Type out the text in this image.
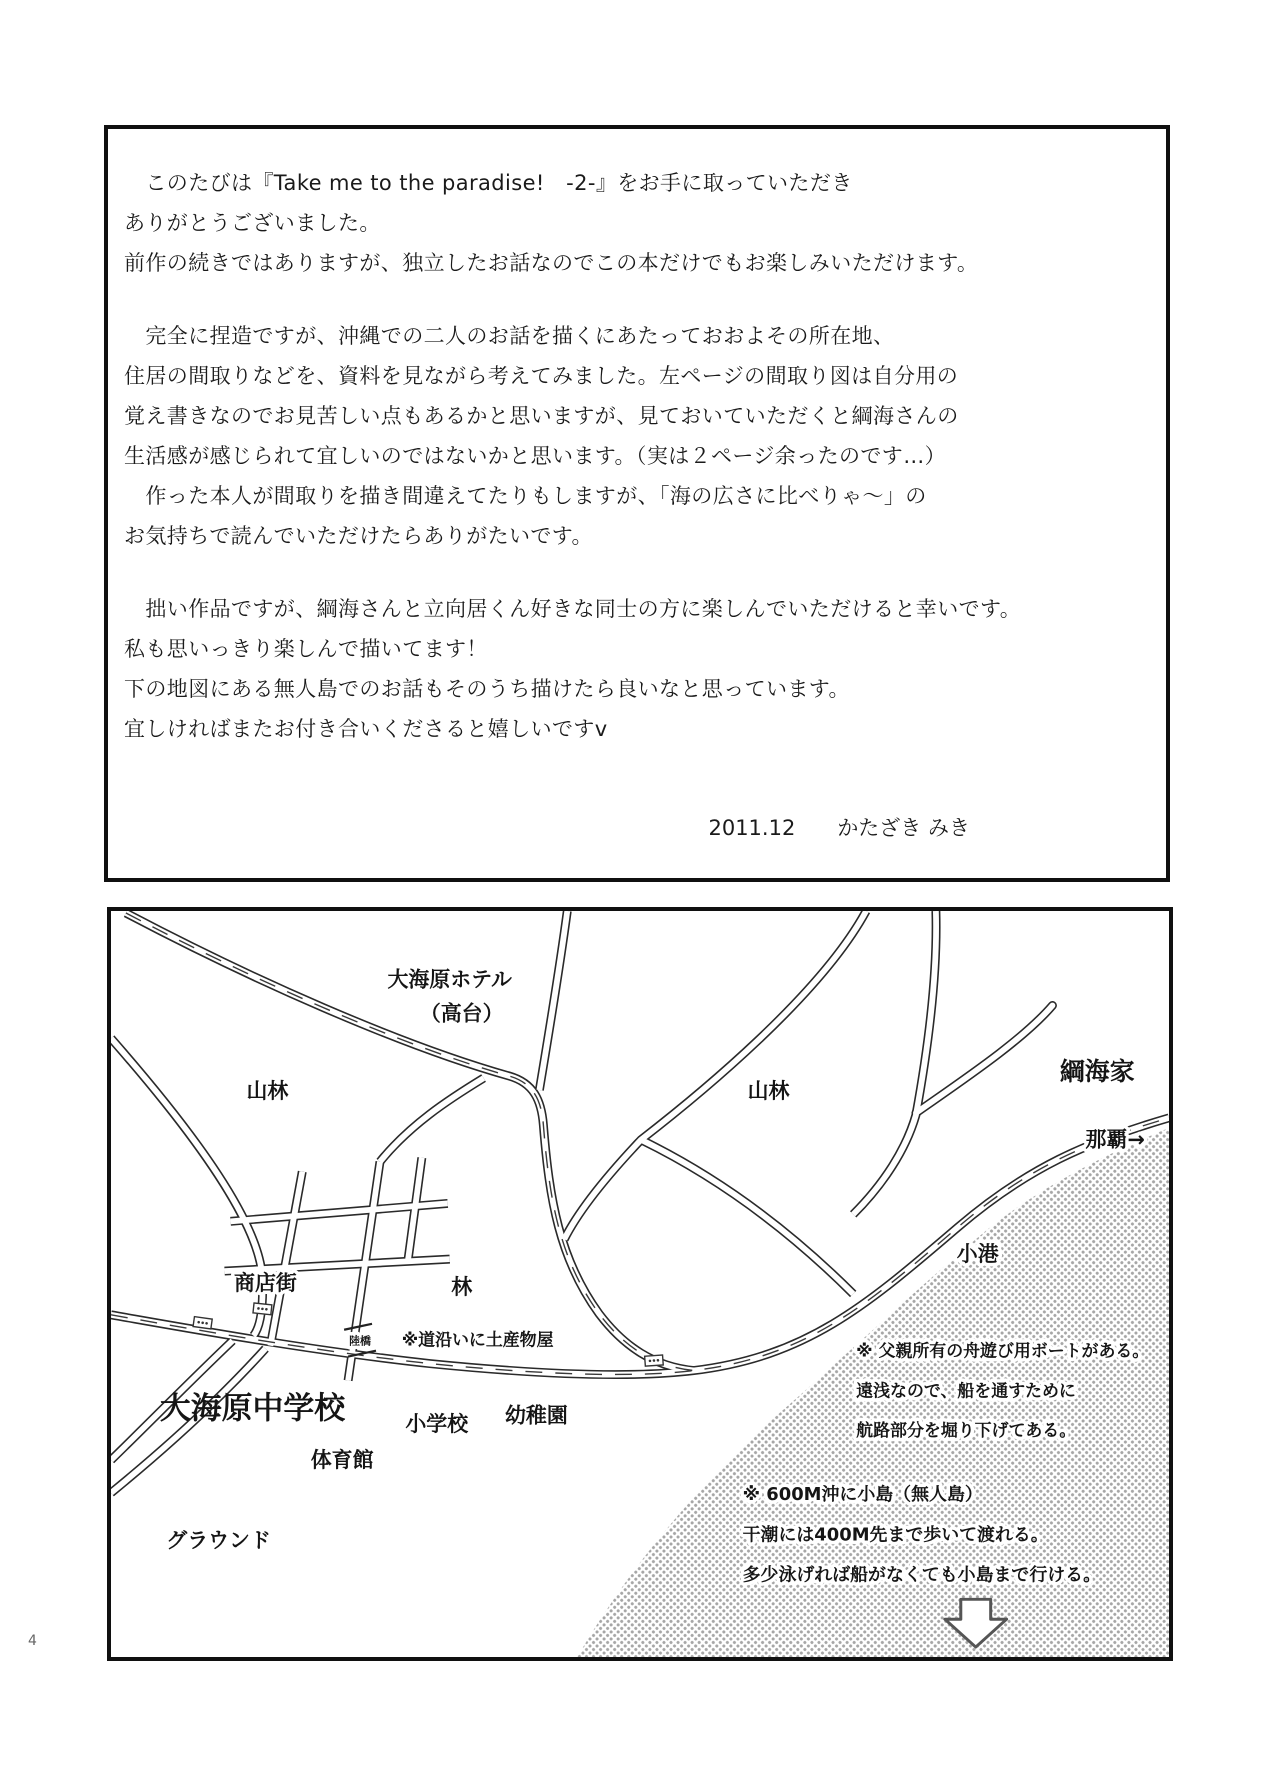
4
　このたびは『Take me to the paradise!　-2-』をお手に取っていただき
ありがとうございました。
前作の続きではありますが、独立したお話なのでこの本だけでもお楽しみいただけます。
　完全に捏造ですが、沖縄での二人のお話を描くにあたっておおよその所在地、
住居の間取りなどを、資料を見ながら考えてみました。左ページの間取り図は自分用の
覚え書きなのでお見苦しい点もあるかと思いますが、見ておいていただくと綱海さんの
生活感が感じられて宜しいのではないかと思います。（実は２ページ余ったのです…）
　作った本人が間取りを描き間違えてたりもしますが、「海の広さに比べりゃ～」の
お気持ちで読んでいただけたらありがたいです。
　拙い作品ですが、綱海さんと立向居くん好きな同士の方に楽しんでいただけると幸いです。
私も思いっきり楽しんで描いてます！
下の地図にある無人島でのお話もそのうち描けたら良いなと思っています。
宜しければまたお付き合いくださると嬉しいですv
2011.12 かたざき みき
大海原ホテル
（高台）
山林	山林
綱海家
那覇→
商店街	林
陸橋 ※道沿いに土産物屋
大海原中学校	小学校 幼稚園
体育館
グラウンド
小港
※ 父親所有の舟遊び用ボートがある。
遠浅なので、船を通すために
航路部分を堀り下げてある。
※ 600M沖に小島（無人島）
干潮には400M先まで歩いて渡れる。
多少泳げれば船がなくても小島まで行ける。
